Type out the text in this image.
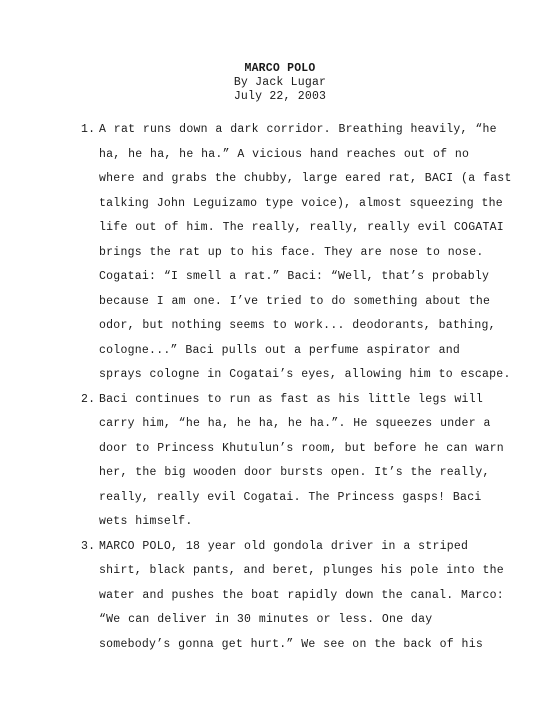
MARCO POLO
By Jack Lugar
July 22, 2003
1. A rat runs down a dark corridor. Breathing heavily, “he
ha, he ha, he ha.” A vicious hand reaches out of no
where and grabs the chubby, large eared rat, BACI (a fast
talking John Leguizamo type voice), almost squeezing the
life out of him. The really, really, really evil COGATAI
brings the rat up to his face. They are nose to nose.
Cogatai: “I smell a rat.” Baci: “Well, that’s probably
because I am one. I’ve tried to do something about the
odor, but nothing seems to work... deodorants, bathing,
cologne...” Baci pulls out a perfume aspirator and
sprays cologne in Cogatai’s eyes, allowing him to escape.
2. Baci continues to run as fast as his little legs will
carry him, “he ha, he ha, he ha.”. He squeezes under a
door to Princess Khutulun’s room, but before he can warn
her, the big wooden door bursts open. It’s the really,
really, really evil Cogatai. The Princess gasps! Baci
wets himself.
3. MARCO POLO, 18 year old gondola driver in a striped
shirt, black pants, and beret, plunges his pole into the
water and pushes the boat rapidly down the canal. Marco:
“We can deliver in 30 minutes or less. One day
somebody’s gonna get hurt.” We see on the back of his
